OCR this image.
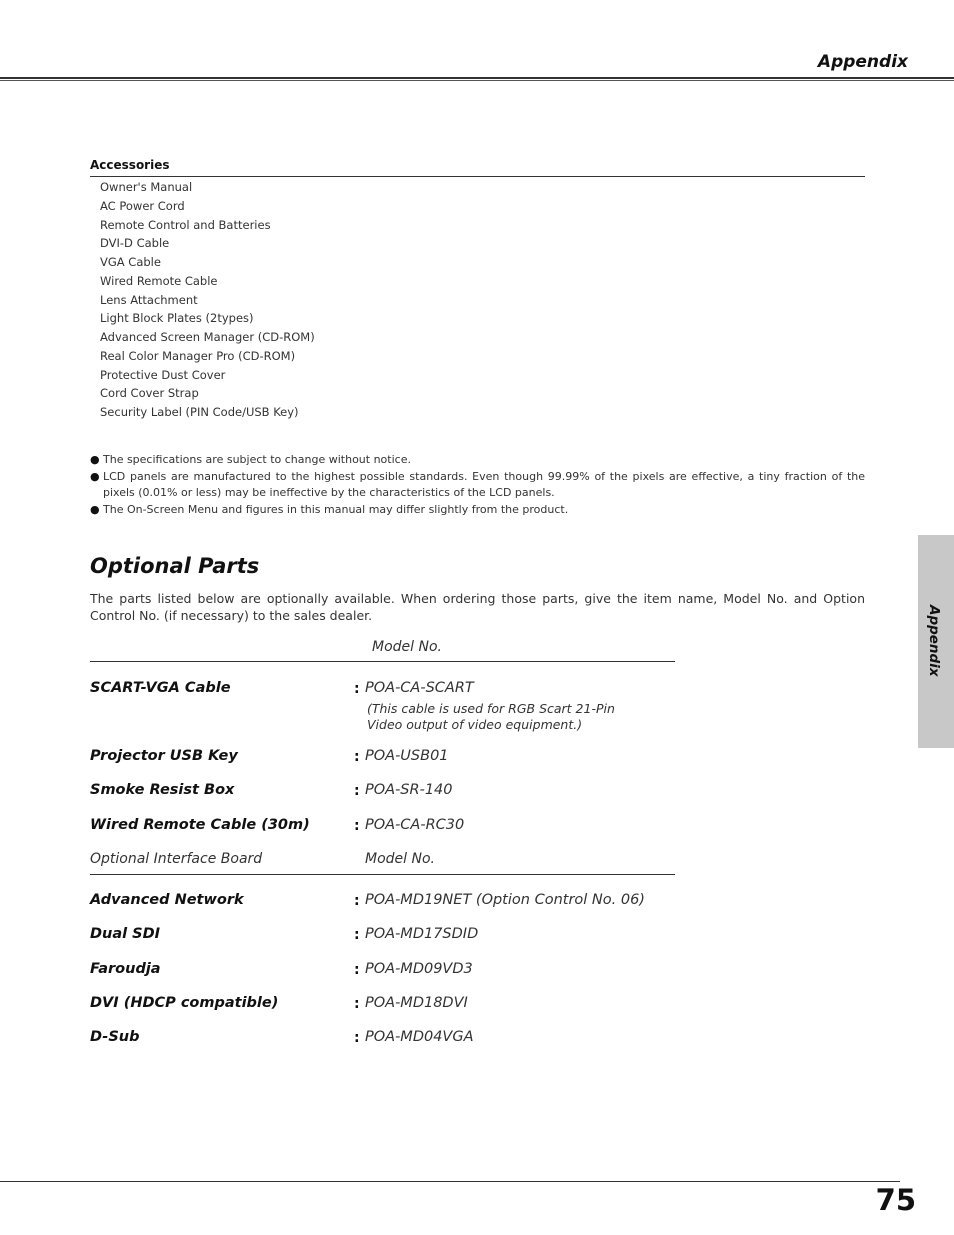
Appendix
Accessories
Owner's Manual
AC Power Cord
Remote Control and Batteries
DVI-D Cable
VGA Cable
Wired Remote Cable
Lens Attachment
Light Block Plates (2types)
Advanced Screen Manager (CD-ROM)
Real Color Manager Pro (CD-ROM)
Protective Dust Cover
Cord Cover Strap
Security Label (PIN Code/USB Key)
● The specifications are subject to change without notice.
● LCD panels are manufactured to the highest possible standards. Even though 99.99% of the pixels are effective, a tiny fraction of the pixels (0.01% or less) may be ineffective by the characteristics of the LCD panels.
● The On-Screen Menu and figures in this manual may differ slightly from the product.
Optional Parts
The parts listed below are optionally available. When ordering those parts, give the item name, Model No. and Option Control No. (if necessary) to the sales dealer.
Model No.
SCART-VGA Cable	: POA-CA-SCART
(This cable is used for RGB Scart 21-Pin Video output of video equipment.)
Projector USB Key	: POA-USB01
Smoke Resist Box	: POA-SR-140
Wired Remote Cable (30m)	: POA-CA-RC30
Optional Interface Board	Model No.
Advanced Network	: POA-MD19NET (Option Control No. 06)
Dual SDI	: POA-MD17SDID
Faroudja	: POA-MD09VD3
DVI (HDCP compatible)	: POA-MD18DVI
D-Sub	: POA-MD04VGA
Appendix
75
